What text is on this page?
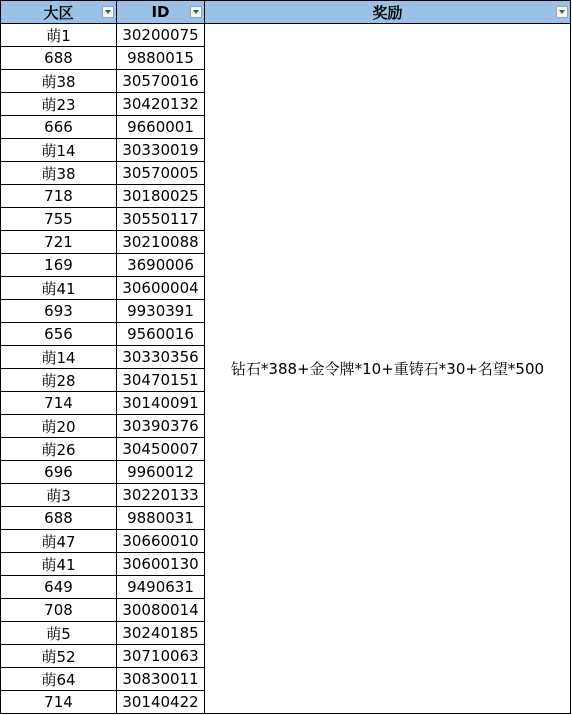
大区	ID	奖励

萌1	30200075	钻石*388+金令牌*10+重铸石*30+名望*500
688	9880015	
萌38	30570016	
萌23	30420132	
666	9660001	
萌14	30330019	
萌38	30570005	
718	30180025	
755	30550117	
721	30210088	
169	3690006	
萌41	30600004	
693	9930391	
656	9560016	
萌14	30330356	
萌28	30470151	
714	30140091	
萌20	30390376	
萌26	30450007	
696	9960012	
萌3	30220133	
688	9880031	
萌47	30660010	
萌41	30600130	
649	9490631	
708	30080014	
萌5	30240185	
萌52	30710063	
萌64	30830011	
714	30140422	
